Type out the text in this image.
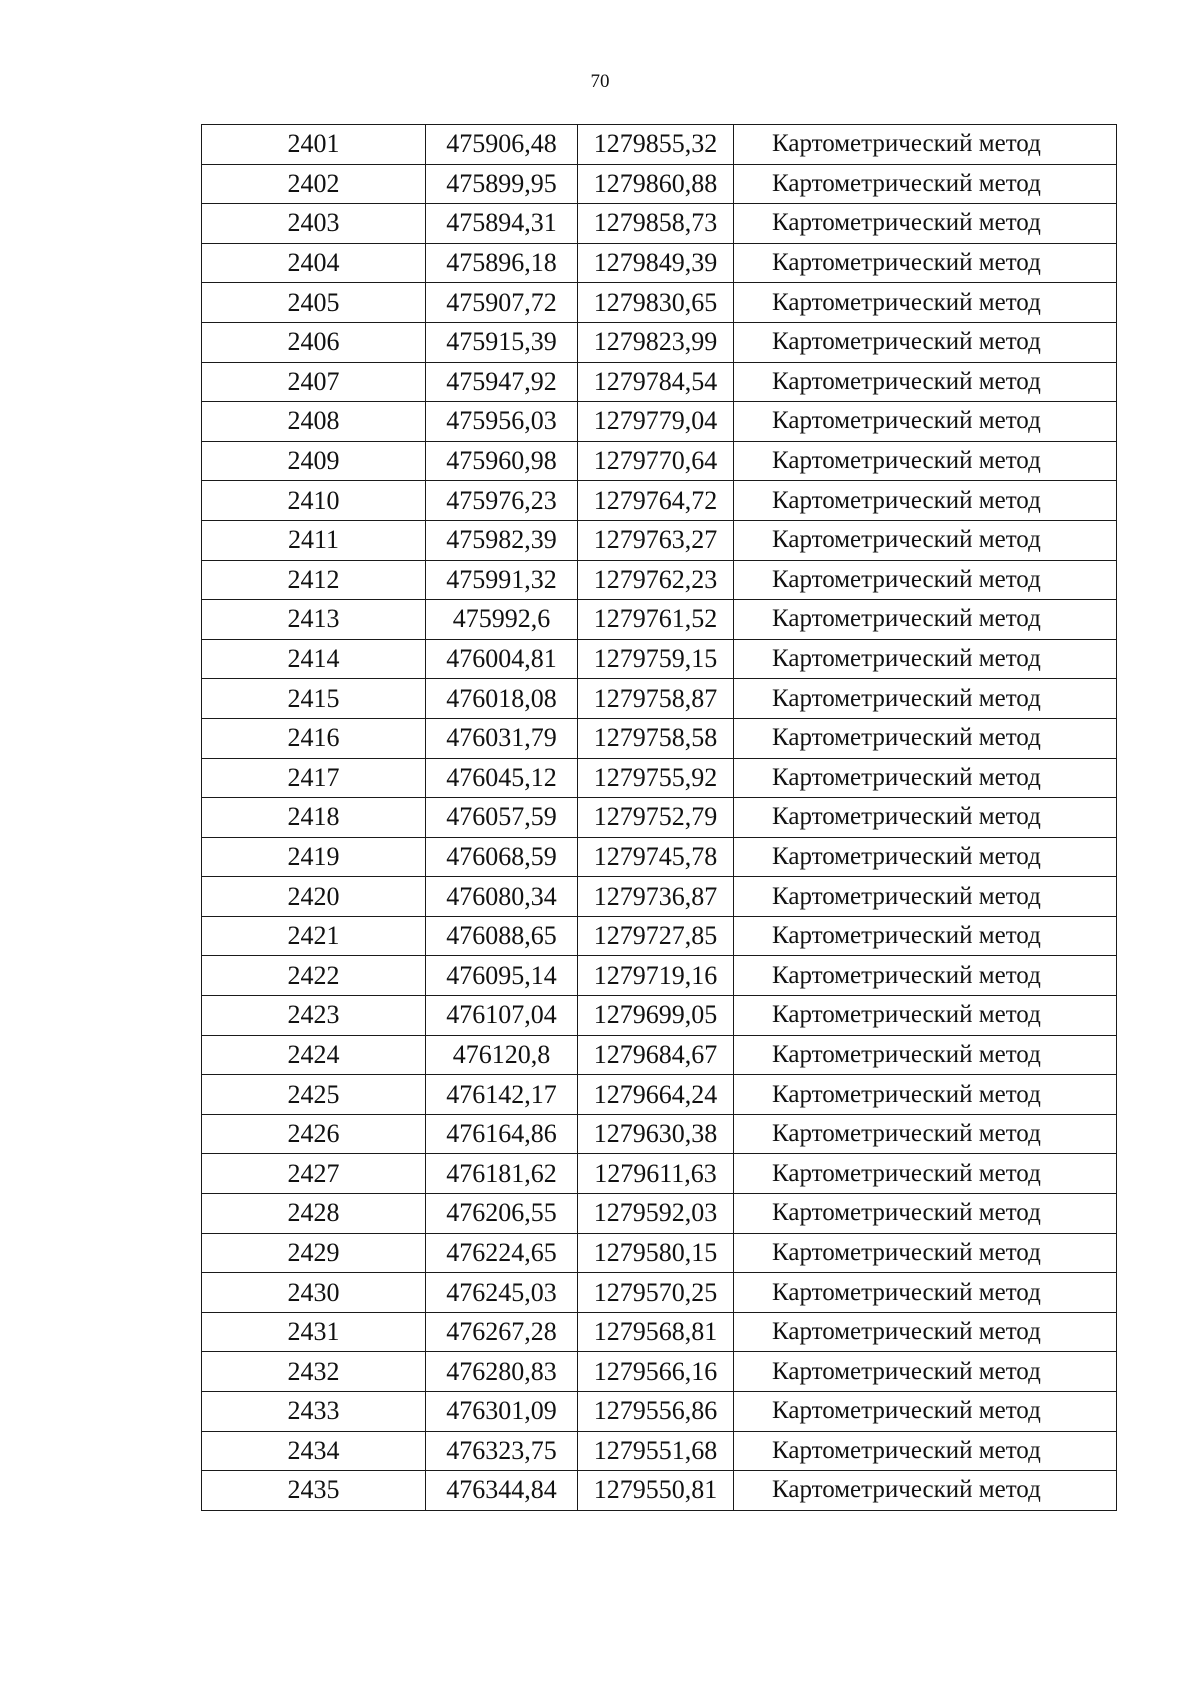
70
2401	475906,48	1279855,32	Картометрический метод
2402	475899,95	1279860,88	Картометрический метод
2403	475894,31	1279858,73	Картометрический метод
2404	475896,18	1279849,39	Картометрический метод
2405	475907,72	1279830,65	Картометрический метод
2406	475915,39	1279823,99	Картометрический метод
2407	475947,92	1279784,54	Картометрический метод
2408	475956,03	1279779,04	Картометрический метод
2409	475960,98	1279770,64	Картометрический метод
2410	475976,23	1279764,72	Картометрический метод
2411	475982,39	1279763,27	Картометрический метод
2412	475991,32	1279762,23	Картометрический метод
2413	475992,6	1279761,52	Картометрический метод
2414	476004,81	1279759,15	Картометрический метод
2415	476018,08	1279758,87	Картометрический метод
2416	476031,79	1279758,58	Картометрический метод
2417	476045,12	1279755,92	Картометрический метод
2418	476057,59	1279752,79	Картометрический метод
2419	476068,59	1279745,78	Картометрический метод
2420	476080,34	1279736,87	Картометрический метод
2421	476088,65	1279727,85	Картометрический метод
2422	476095,14	1279719,16	Картометрический метод
2423	476107,04	1279699,05	Картометрический метод
2424	476120,8	1279684,67	Картометрический метод
2425	476142,17	1279664,24	Картометрический метод
2426	476164,86	1279630,38	Картометрический метод
2427	476181,62	1279611,63	Картометрический метод
2428	476206,55	1279592,03	Картометрический метод
2429	476224,65	1279580,15	Картометрический метод
2430	476245,03	1279570,25	Картометрический метод
2431	476267,28	1279568,81	Картометрический метод
2432	476280,83	1279566,16	Картометрический метод
2433	476301,09	1279556,86	Картометрический метод
2434	476323,75	1279551,68	Картометрический метод
2435	476344,84	1279550,81	Картометрический метод
